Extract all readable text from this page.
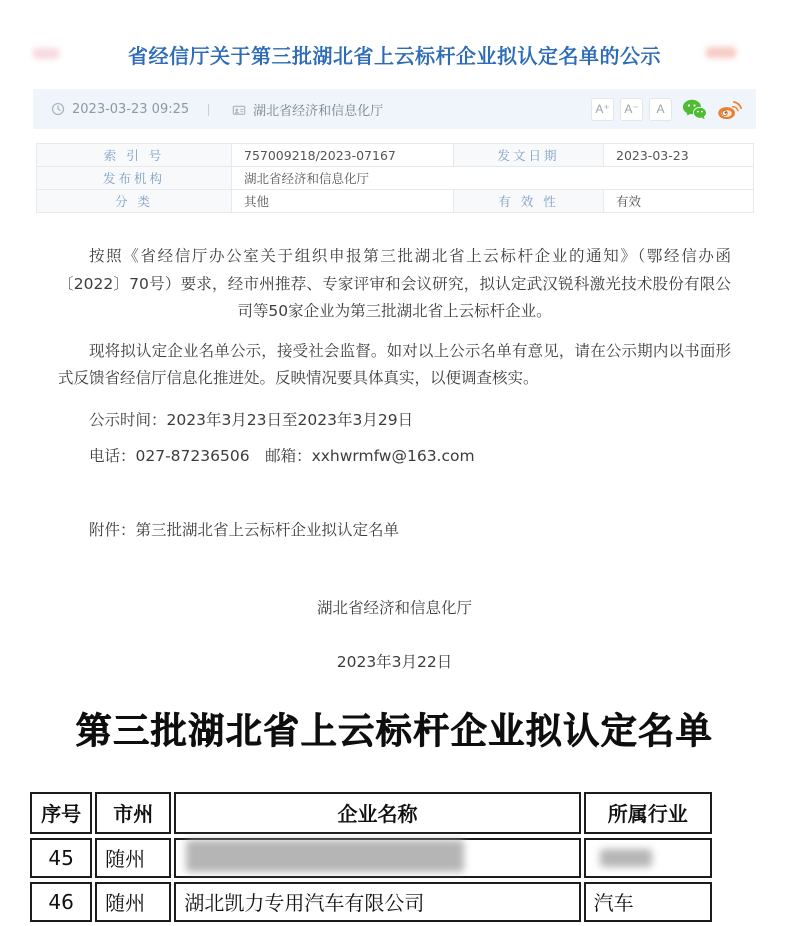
省经信厅关于第三批湖北省上云标杆企业拟认定名单的公示
2023-03-23 09:25 丨	湖北省经济和信息化厅	A⁺	A⁻	A
索 引 号	757009218/2023-07167	发文日期	2023-03-23
发布机构	湖北省经济和信息化厅		
分 类	其他	有 效 性	有效

按照《省经信厅办公室关于组织申报第三批湖北省上云标杆企业的通知》（鄂经信办函〔2022〕70号）要求，经市州推荐、专家评审和会议研究，拟认定武汉锐科激光技术股份有限公司等50家企业为第三批湖北省上云标杆企业。

现将拟认定企业名单公示，接受社会监督。如对以上公示名单有意见，请在公示期内以书面形式反馈省经信厅信息化推进处。反映情况要具体真实，以便调查核实。

公示时间：2023年3月23日至2023年3月29日
电话：027-87236506　邮箱：xxhwrmfw@163.com
附件：第三批湖北省上云标杆企业拟认定名单
湖北省经济和信息化厅
2023年3月22日
第三批湖北省上云标杆企业拟认定名单
序号	市州	企业名称	所属行业
45	随州	

46	随州	湖北凯力专用汽车有限公司	汽车
